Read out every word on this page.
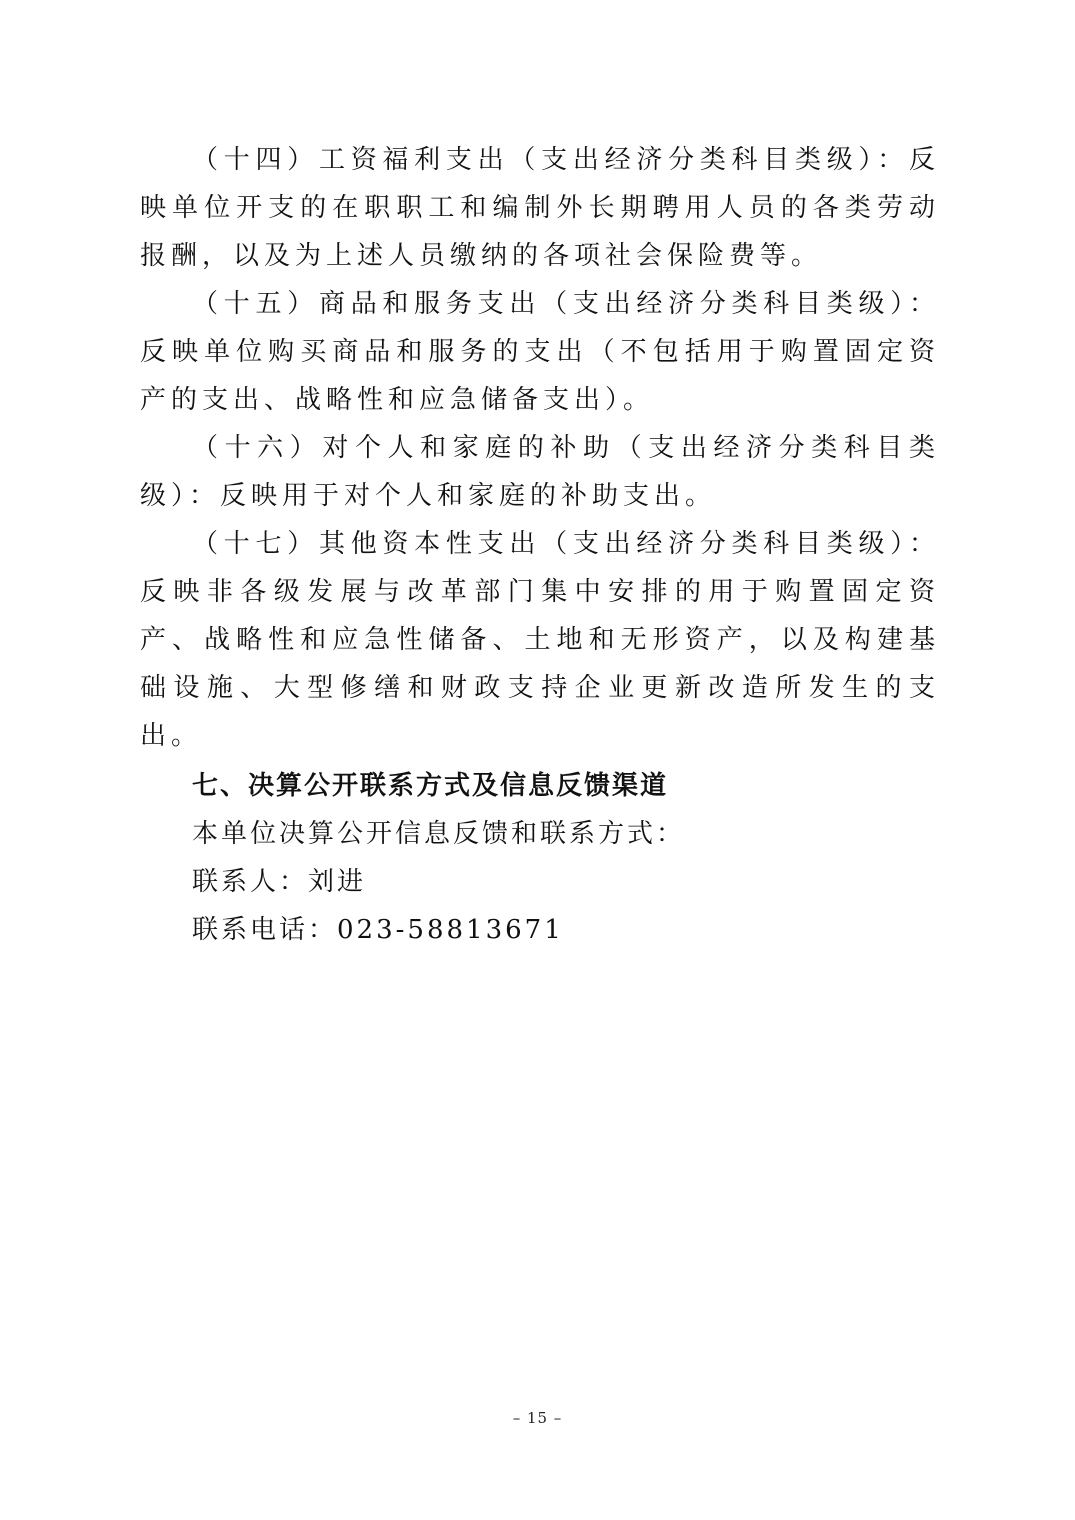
（十四）工资福利支出（支出经济分类科目类级）：反映单位开支的在职职工和编制外长期聘用人员的各类劳动报酬，以及为上述人员缴纳的各项社会保险费等。

（十五）商品和服务支出（支出经济分类科目类级）：反映单位购买商品和服务的支出（不包括用于购置固定资产的支出、战略性和应急储备支出）。

（十六）对个人和家庭的补助（支出经济分类科目类级）：反映用于对个人和家庭的补助支出。

（十七）其他资本性支出（支出经济分类科目类级）：反映非各级发展与改革部门集中安排的用于购置固定资产、战略性和应急性储备、土地和无形资产，以及构建基础设施、大型修缮和财政支持企业更新改造所发生的支出。

七、决算公开联系方式及信息反馈渠道

本单位决算公开信息反馈和联系方式：

联系人：刘进

联系电话：023-58813671

– 15 –
